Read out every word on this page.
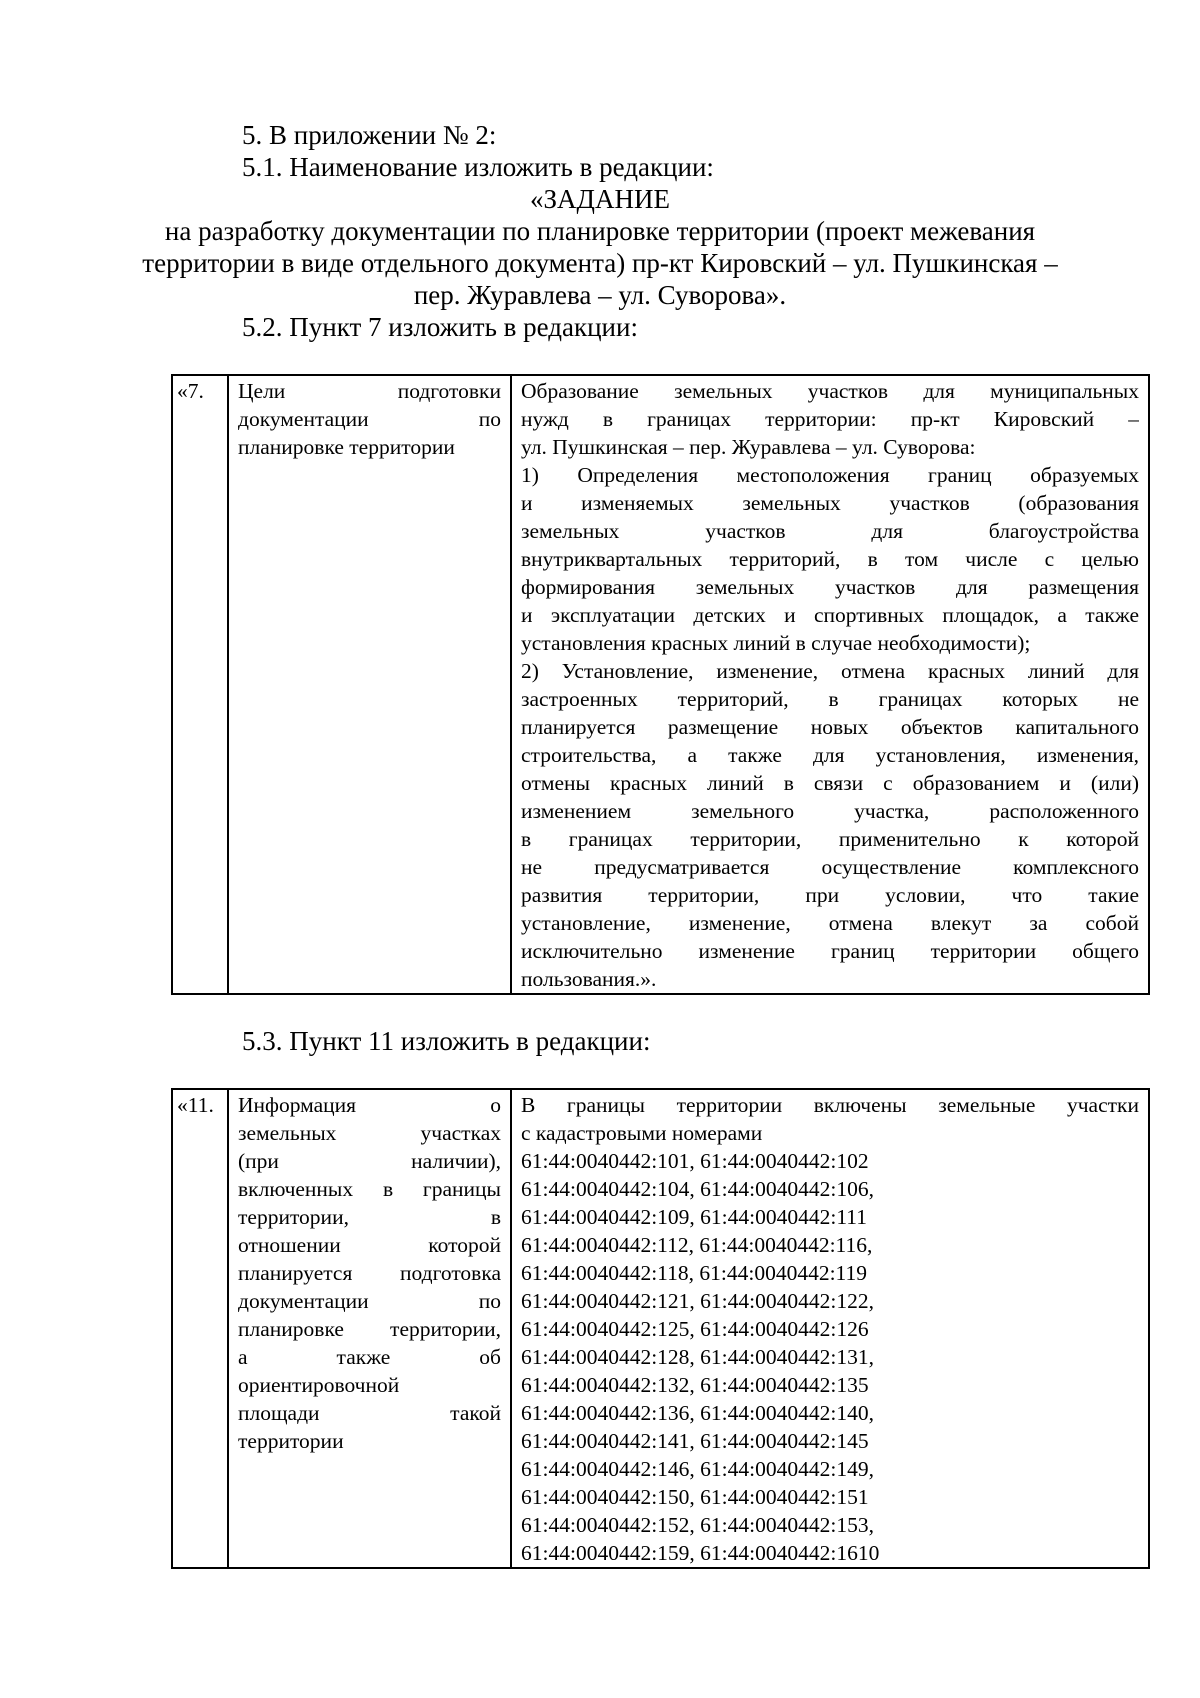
5. В приложении № 2:
5.1. Наименование изложить в редакции:
«ЗАДАНИЕ
на разработку документации по планировке территории (проект межевания
территории в виде отдельного документа) пр-кт Кировский – ул. Пушкинская –
пер. Журавлева – ул. Суворова».
5.2. Пункт 7 изложить в редакции:
«7.	Цели подготовки
документации по
планировке территории

Образование земельных участков для муниципальных
нужд в границах территории: пр-кт Кировский –
ул. Пушкинская – пер. Журавлева – ул. Суворова:
1) Определения местоположения границ образуемых
и изменяемых земельных участков (образования
земельных участков для благоустройства
внутриквартальных территорий, в том числе с целью
формирования земельных участков для размещения
и эксплуатации детских и спортивных площадок, а также
установления красных линий в случае необходимости);
2) Установление, изменение, отмена красных линий для
застроенных территорий, в границах которых не
планируется размещение новых объектов капитального
строительства, а также для установления, изменения,
отмены красных линий в связи с образованием и (или)
изменением земельного участка, расположенного
в границах территории, применительно к которой
не предусматривается осуществление комплексного
развития территории, при условии, что такие
установление, изменение, отмена влекут за собой
исключительно изменение границ территории общего
пользования.».
5.3. Пункт 11 изложить в редакции:
«11.	Информация о
земельных участках
(при наличии),
включенных в границы
территории, в
отношении которой
планируется подготовка
документации по
планировке территории,
а также об
ориентировочной
площади такой
территории

В границы территории включены земельные участки
с кадастровыми номерами
61:44:0040442:101, 61:44:0040442:102
61:44:0040442:104, 61:44:0040442:106,
61:44:0040442:109, 61:44:0040442:111
61:44:0040442:112, 61:44:0040442:116,
61:44:0040442:118, 61:44:0040442:119
61:44:0040442:121, 61:44:0040442:122,
61:44:0040442:125, 61:44:0040442:126
61:44:0040442:128, 61:44:0040442:131,
61:44:0040442:132, 61:44:0040442:135
61:44:0040442:136, 61:44:0040442:140,
61:44:0040442:141, 61:44:0040442:145
61:44:0040442:146, 61:44:0040442:149,
61:44:0040442:150, 61:44:0040442:151
61:44:0040442:152, 61:44:0040442:153,
61:44:0040442:159, 61:44:0040442:1610
